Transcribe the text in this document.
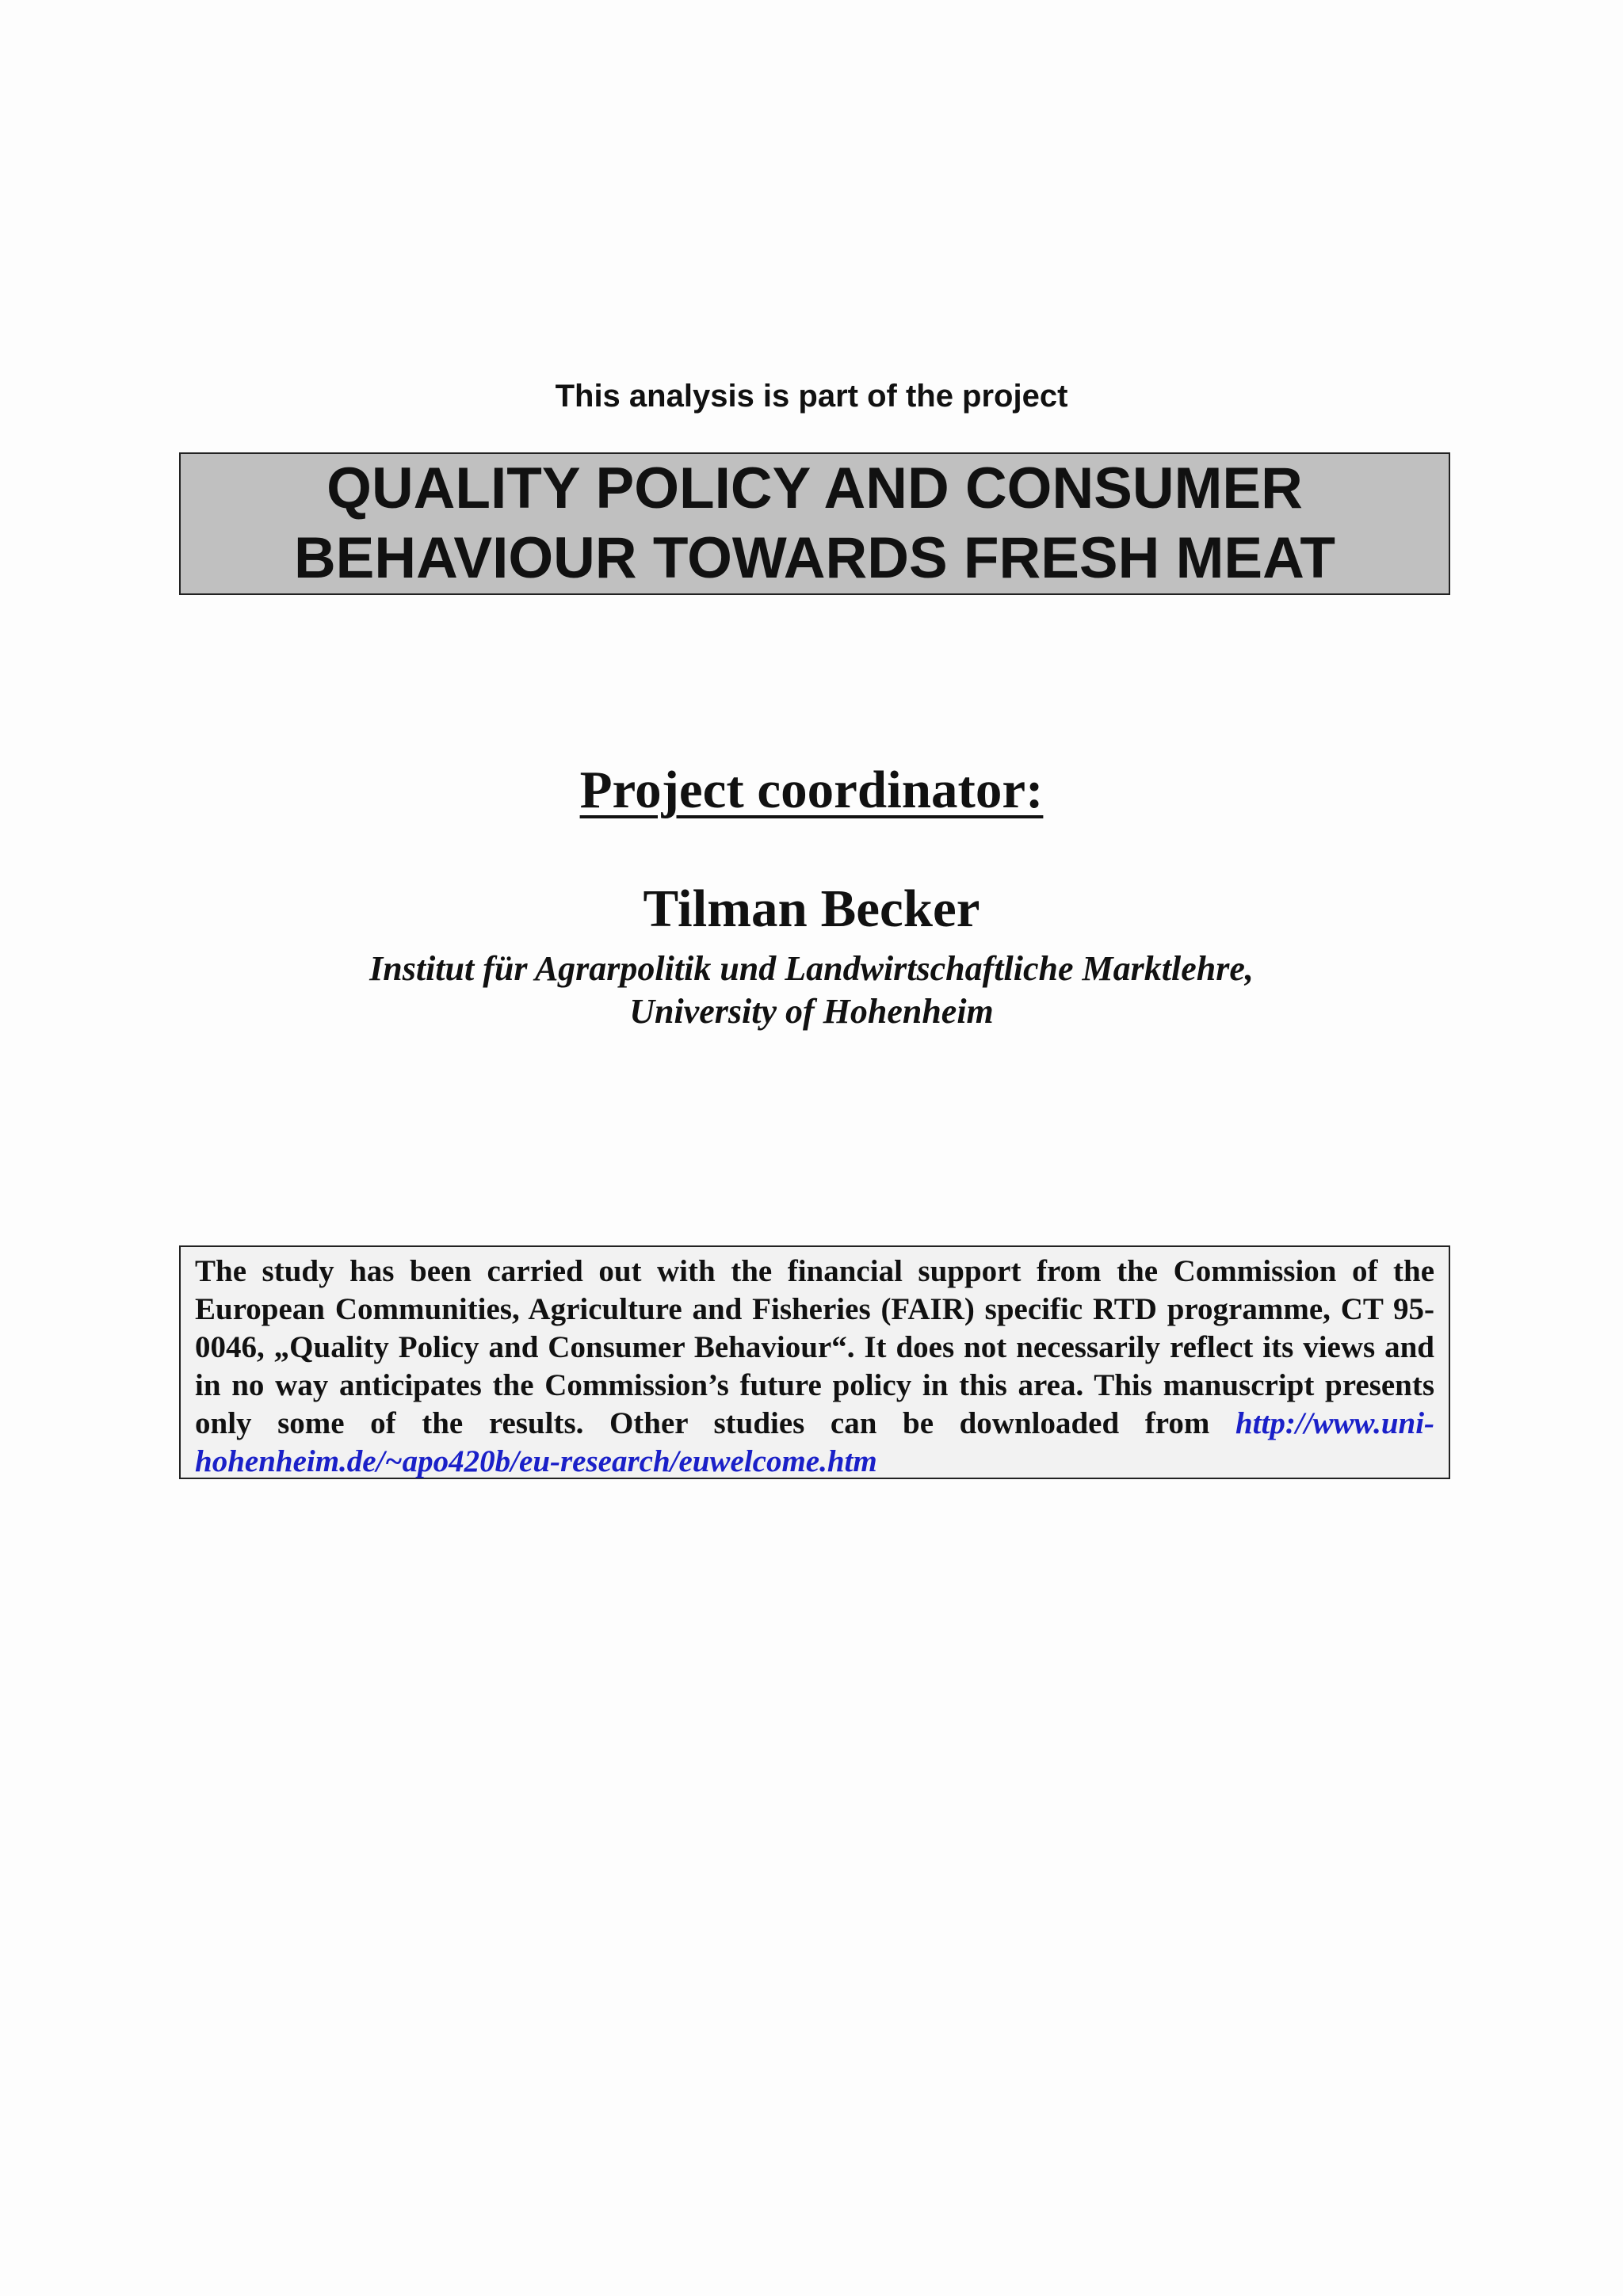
This analysis is part of the project
QUALITY POLICY AND CONSUMER
BEHAVIOUR TOWARDS FRESH MEAT
Project coordinator:
Tilman Becker
Institut für Agrarpolitik und Landwirtschaftliche Marktlehre,
University of Hohenheim
The study has been carried out with the financial support from the Commission of the European Communities, Agriculture and Fisheries (FAIR) specific RTD programme, CT 95-0046, „Quality Policy and Consumer Behaviour“. It does not necessarily reflect its views and in no way anticipates the Commission’s future policy in this area. This manuscript presents only some of the results. Other studies can be downloaded from http://www.uni-hohenheim.de/~apo420b/eu-research/euwelcome.htm
